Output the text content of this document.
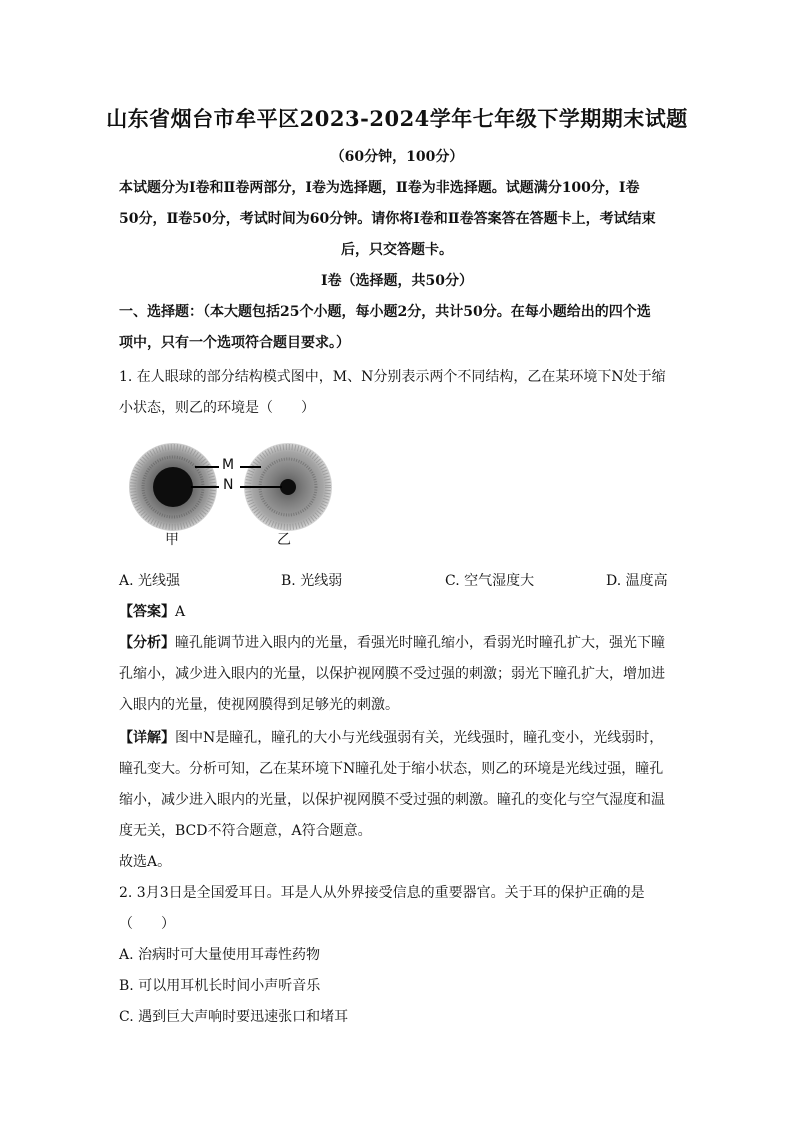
山东省烟台市牟平区2023-2024学年七年级下学期期末试题
（60分钟，100分）
本试题分为Ⅰ卷和Ⅱ卷两部分，Ⅰ卷为选择题，Ⅱ卷为非选择题。试题满分100分，Ⅰ卷
50分，Ⅱ卷50分，考试时间为60分钟。请你将Ⅰ卷和Ⅱ卷答案答在答题卡上，考试结束
后，只交答题卡。
Ⅰ卷（选择题，共50分）
一、选择题：（本大题包括25个小题，每小题2分，共计50分。在每小题给出的四个选
项中，只有一个选项符合题目要求。）
1. 在人眼球的部分结构模式图中，M、N分别表示两个不同结构，乙在某环境下N处于缩
小状态，则乙的环境是（　　）
M
N
甲	乙
A. 光线强	B. 光线弱	C. 空气湿度大	D. 温度高
【答案】A
【分析】瞳孔能调节进入眼内的光量，看强光时瞳孔缩小，看弱光时瞳孔扩大，强光下瞳
孔缩小，减少进入眼内的光量，以保护视网膜不受过强的刺激；弱光下瞳孔扩大，增加进
入眼内的光量，使视网膜得到足够光的刺激。
【详解】图中N是瞳孔，瞳孔的大小与光线强弱有关，光线强时，瞳孔变小，光线弱时，
瞳孔变大。分析可知，乙在某环境下N瞳孔处于缩小状态，则乙的环境是光线过强，瞳孔
缩小，减少进入眼内的光量，以保护视网膜不受过强的刺激。瞳孔的变化与空气湿度和温
度无关，BCD不符合题意，A符合题意。
故选A。
2. 3月3日是全国爱耳日。耳是人从外界接受信息的重要器官。关于耳的保护正确的是
（　　）
A. 治病时可大量使用耳毒性药物
B. 可以用耳机长时间小声听音乐
C. 遇到巨大声响时要迅速张口和堵耳
